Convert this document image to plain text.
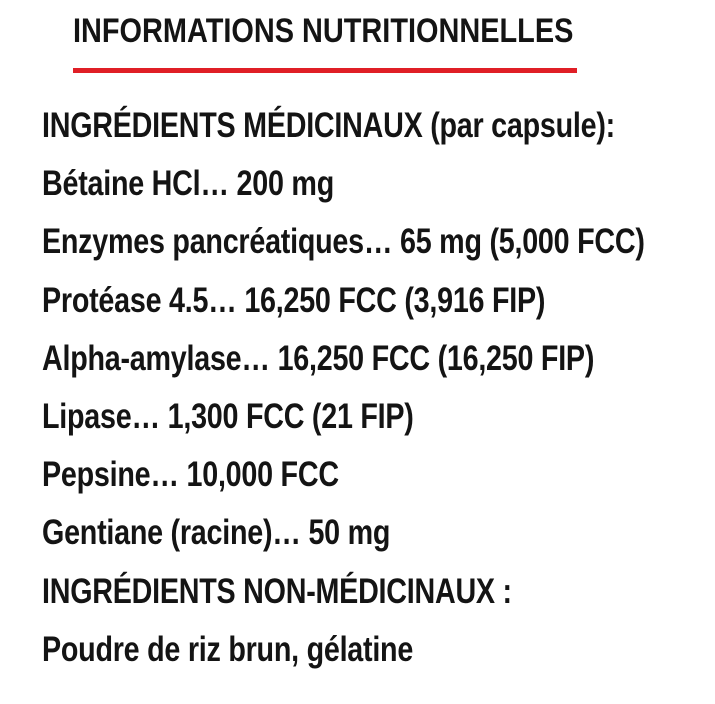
INFORMATIONS NUTRITIONNELLES
INGRÉDIENTS MÉDICINAUX (par capsule):
Bétaine HCl… 200 mg
Enzymes pancréatiques… 65 mg (5,000 FCC)
Protéase 4.5… 16,250 FCC (3,916 FIP)
Alpha-amylase… 16,250 FCC (16,250 FIP)
Lipase… 1,300 FCC (21 FIP)
Pepsine… 10,000 FCC
Gentiane (racine)… 50 mg
INGRÉDIENTS NON-MÉDICINAUX :
Poudre de riz brun, gélatine
